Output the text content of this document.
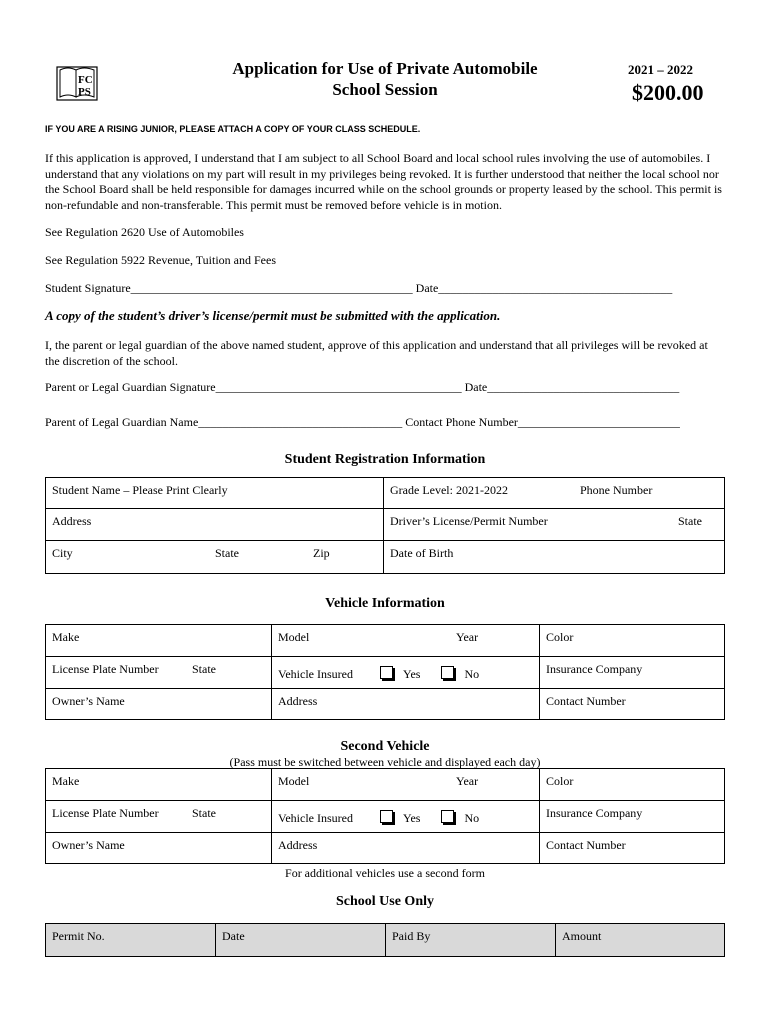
FC
PS
Application for Use of Private Automobile
School Session
2021 – 2022
$200.00
IF YOU ARE A RISING JUNIOR, PLEASE ATTACH A COPY OF YOUR CLASS SCHEDULE.
If this application is approved, I understand that I am subject to all School Board and local school rules involving the use of automobiles. I understand that any violations on my part will result in my privileges being revoked. It is further understood that neither the local school nor the School Board shall be held responsible for damages incurred while on the school grounds or property leased by the school. This permit is non-refundable and non-transferable. This permit must be removed before vehicle is in motion.
See Regulation 2620 Use of Automobiles
See Regulation 5922 Revenue, Tuition and Fees
Student Signature_______________________________________________ Date_______________________________________
A copy of the student’s driver’s license/permit must be submitted with the application.
I, the parent or legal guardian of the above named student, approve of this application and understand that all privileges will be revoked at the discretion of the school.
Parent or Legal Guardian Signature_________________________________________ Date________________________________
Parent of Legal Guardian Name__________________________________ Contact Phone Number___________________________
Student Registration Information
Student Name – Please Print Clearly	Grade Level: 2021-2022 Phone Number

Address	Driver’s License/Permit Number State

City State Zip	Date of Birth
Vehicle Information
Make	Model Year	Color
License Plate Number State	Vehicle Insured Yes No	Insurance Company
Owner’s Name	Address	Contact Number
Second Vehicle
(Pass must be switched between vehicle and displayed each day)
Make	Model Year	Color
License Plate Number State	Vehicle Insured Yes No	Insurance Company
Owner’s Name	Address	Contact Number
For additional vehicles use a second form
School Use Only
Permit No.	Date	Paid By	Amount
